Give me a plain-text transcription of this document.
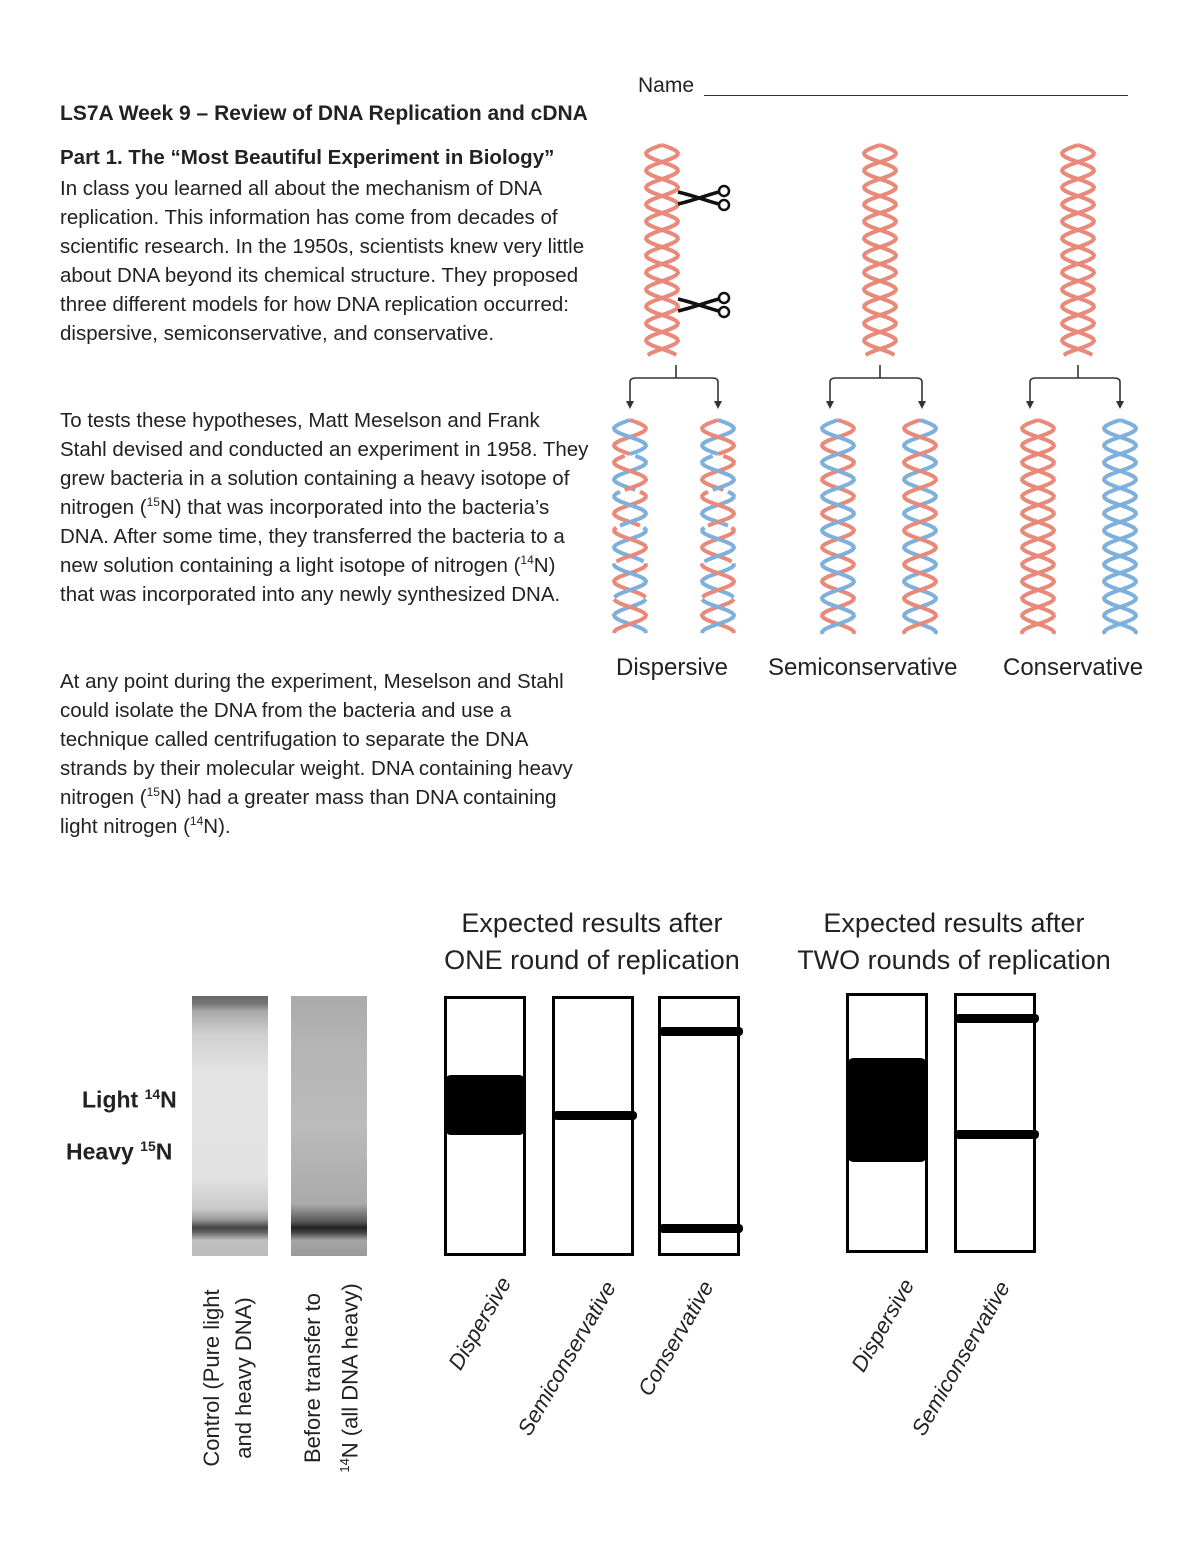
LS7A Week 9 – Review of DNA Replication and cDNA
Part 1. The “Most Beautiful Experiment in Biology”
In class you learned all about the mechanism of DNA replication. This information has come from decades of scientific research. In the 1950s, scientists knew very little about DNA beyond its chemical structure. They proposed three different models for how DNA replication occurred: dispersive, semiconservative, and conservative.
To tests these hypotheses, Matt Meselson and Frank Stahl devised and conducted an experiment in 1958. They grew bacteria in a solution containing a heavy isotope of nitrogen ($^{15}$N) that was incorporated into the bacteria’s DNA. After some time, they transferred the bacteria to a new solution containing a light isotope of nitrogen ($^{14}$N) that was incorporated into any newly synthesized DNA.
At any point during the experiment, Meselson and Stahl could isolate the DNA from the bacteria and use a technique called centrifugation to separate the DNA strands by their molecular weight. DNA containing heavy nitrogen ($^{15}$N) had a greater mass than DNA containing light nitrogen ($^{14}$N).
Name
Dispersive Semiconservative Conservative
Expected results after
ONE round of replication
Expected results after
TWO rounds of replication
Light $^{14}$N
Heavy $^{15}$N
Control (Pure light and heavy DNA) Before transfer to
$^{14}$N (all DNA heavy)	Dispersive
Semiconservative Conservative	Dispersive
Semiconservative
